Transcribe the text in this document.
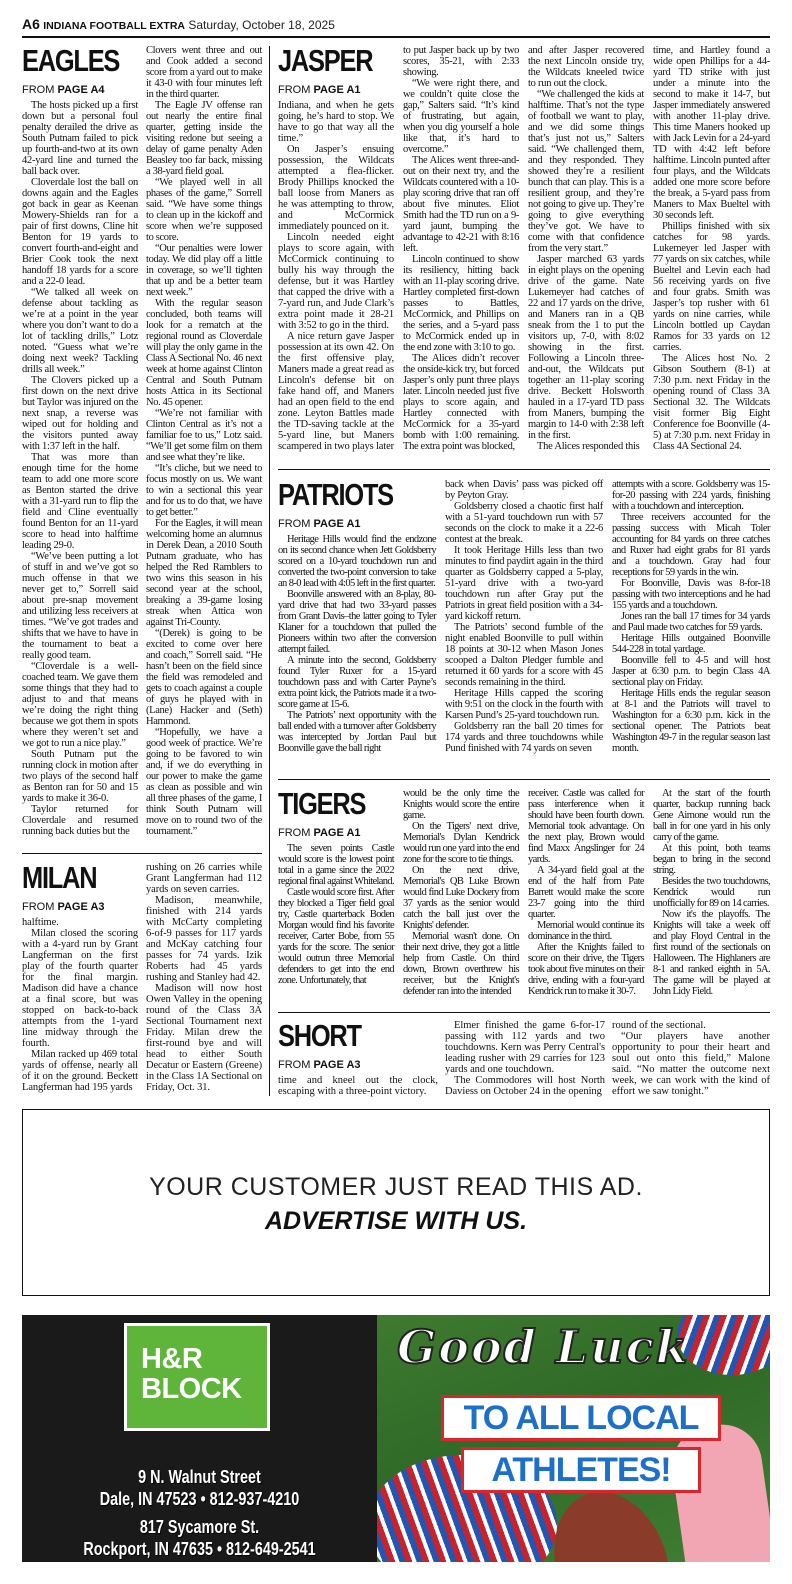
A6 INDIANA FOOTBALL EXTRA Saturday, October 18, 2025
EAGLES
FROM PAGE A4

The hosts picked up a first down but a personal foul penalty derailed the drive as South Putnam failed to pick up fourth-and-two at its own 42-yard line and turned the ball back over.

Cloverdale lost the ball on downs again and the Eagles got back in gear as Keenan Mowery-Shields ran for a pair of first downs, Cline hit Benton for 19 yards to convert fourth-and-eight and Brier Cook took the next handoff 18 yards for a score and a 22-0 lead.

“We talked all week on defense about tackling as we’re at a point in the year where you don’t want to do a lot of tackling drills,” Lotz noted. “Guess what we’re doing next week? Tackling drills all week.”

The Clovers picked up a first down on the next drive but Taylor was injured on the next snap, a reverse was wiped out for holding and the visitors punted away with 1:37 left in the half.

That was more than enough time for the home team to add one more score as Benton started the drive with a 31-yard run to flip the field and Cline eventually found Benton for an 11-yard score to head into halftime leading 29-0.

“We’ve been putting a lot of stuff in and we’ve got so much offense in that we never get to,” Sorrell said about pre-snap movement and utilizing less receivers at times. “We’ve got trades and shifts that we have to have in the tournament to beat a really good team.

“Cloverdale is a well-coached team. We gave them some things that they had to adjust to and that means we’re doing the right thing because we got them in spots where they weren’t set and we got to run a nice play.”

South Putnam put the running clock in motion after two plays of the second half as Benton ran for 50 and 15 yards to make it 36-0.

Taylor returned for Cloverdale and resumed running back duties but the

Clovers went three and out and Cook added a second score from a yard out to make it 43-0 with four minutes left in the third quarter.

The Eagle JV offense ran out nearly the entire final quarter, getting inside the visiting redone but seeing a delay of game penalty Aden Beasley too far back, missing a 38-yard field goal.

“We played well in all phases of the game,” Sorrell said. “We have some things to clean up in the kickoff and score when we’re supposed to score.

“Our penalties were lower today. We did play off a little in coverage, so we’ll tighten that up and be a better team next week.”

With the regular season concluded, both teams will look for a rematch at the regional round as Cloverdale will play the only game in the Class A Sectional No. 46 next week at home against Clinton Central and South Putnam hosts Attica in its Sectional No. 45 opener.

“We’re not familiar with Clinton Central as it’s not a familiar foe to us,” Lotz said. “We’ll get some film on them and see what they’re like.

“It’s cliche, but we need to focus mostly on us. We want to win a sectional this year and for us to do that, we have to get better.”

For the Eagles, it will mean welcoming home an alumnus in Derek Dean, a 2010 South Putnam graduate, who has helped the Red Ramblers to two wins this season in his second year at the school, breaking a 39-game losing streak when Attica won against Tri-County.

“(Derek) is going to be excited to come over here and coach,” Sorrell said. “He hasn’t been on the field since the field was remodeled and gets to coach against a couple of guys he played with in (Lane) Hacker and (Seth) Hammond.

“Hopefully, we have a good week of practice. We’re going to be favored to win and, if we do everything in our power to make the game as clean as possible and win all three phases of the game, I think South Putnam will move on to round two of the tournament.”

JASPER
FROM PAGE A1

Indiana, and when he gets going, he’s hard to stop. We have to go that way all the time.”

On Jasper’s ensuing possession, the Wildcats attempted a flea-flicker. Brody Phillips knocked the ball loose from Maners as he was attempting to throw, and McCormick immediately pounced on it.

Lincoln needed eight plays to score again, with McCormick continuing to bully his way through the defense, but it was Hartley that capped the drive with a 7-yard run, and Jude Clark’s extra point made it 28-21 with 3:52 to go in the third.

A nice return gave Jasper possession at its own 42. On the first offensive play, Maners made a great read as Lincoln's defense bit on fake hand off, and Maners had an open field to the end zone. Leyton Battles made the TD-saving tackle at the 5-yard line, but Maners scampered in two plays later

to put Jasper back up by two scores, 35-21, with 2:33 showing.

“We were right there, and we couldn’t quite close the gap,” Salters said. “It’s kind of frustrating, but again, when you dig yourself a hole like that, it’s hard to overcome.”

The Alices went three-and-out on their next try, and the Wildcats countered with a 10-play scoring drive that ran off about five minutes. Eliot Smith had the TD run on a 9-yard jaunt, bumping the advantage to 42-21 with 8:16 left.

Lincoln continued to show its resiliency, hitting back with an 11-play scoring drive. Hartley completed first-down passes to Battles, McCormick, and Phillips on the series, and a 5-yard pass to McCormick ended up in the end zone with 3:10 to go.

The Alices didn’t recover the onside-kick try, but forced Jasper’s only punt three plays later. Lincoln needed just five plays to score again, and Hartley connected with McCormick for a 35-yard bomb with 1:00 remaining. The extra point was blocked,

and after Jasper recovered the next Lincoln onside try, the Wildcats kneeled twice to run out the clock.

“We challenged the kids at halftime. That’s not the type of football we want to play, and we did some things that’s just not us,” Salters said. “We challenged them, and they responded. They showed they’re a resilient bunch that can play. This is a resilient group, and they’re not going to give up. They’re going to give everything they’ve got. We have to come with that confidence from the very start.”

Jasper marched 63 yards in eight plays on the opening drive of the game. Nate Lukemeyer had catches of 22 and 17 yards on the drive, and Maners ran in a QB sneak from the 1 to put the visitors up, 7-0, with 8:02 showing in the first. Following a Lincoln three-and-out, the Wildcats put together an 11-play scoring drive. Beckett Holsworth hauled in a 17-yard TD pass from Maners, bumping the margin to 14-0 with 2:38 left in the first.

The Alices responded this

time, and Hartley found a wide open Phillips for a 44-yard TD strike with just under a minute into the second to make it 14-7, but Jasper immediately answered with another 11-play drive. This time Maners hooked up with Jack Levin for a 24-yard TD with 4:42 left before halftime. Lincoln punted after four plays, and the Wildcats added one more score before the break, a 5-yard pass from Maners to Max Bueltel with 30 seconds left.

Phillips finished with six catches for 98 yards. Lukemeyer led Jasper with 77 yards on six catches, while Bueltel and Levin each had 56 receiving yards on five and four grabs. Smith was Jasper’s top rusher with 61 yards on nine carries, while Lincoln bottled up Caydan Ramos for 33 yards on 12 carries.

The Alices host No. 2 Gibson Southern (8-1) at 7:30 p.m. next Friday in the opening round of Class 3A Sectional 32. The Wildcats visit former Big Eight Conference foe Boonville (4-5) at 7:30 p.m. next Friday in Class 4A Sectional 24.

PATRIOTS
FROM PAGE A1

Heritage Hills would find the endzone on its second chance when Jett Goldsberry scored on a 10-yard touchdown run and converted the two-point conversion to take an 8-0 lead with 4:05 left in the first quarter.

Boonville answered with an 8-play, 80-yard drive that had two 33-yard passes from Grant Davis–the latter going to Tyler Klaner for a touchdown that pulled the Pioneers within two after the conversion attempt failed.

A minute into the second, Goldsberry found Tyler Ruxer for a 15-yard touchdown pass and with Carter Payne’s extra point kick, the Patriots made it a two-score game at 15-6.

The Patriots’ next opportunity with the ball ended with a turnover after Goldsberry was intercepted by Jordan Paul but Boonville gave the ball right

back when Davis’ pass was picked off by Peyton Gray.

Goldsberry closed a chaotic first half with a 51-yard touchdown run with 57 seconds on the clock to make it a 22-6 contest at the break.

It took Heritage Hills less than two minutes to find paydirt again in the third quarter as Goldsberry capped a 5-play, 51-yard drive with a two-yard touchdown run after Gray put the Patriots in great field position with a 34-yard kickoff return.

The Patriots’ second fumble of the night enabled Boonville to pull within 18 points at 30-12 when Mason Jones scooped a Dalton Pledger fumble and returned it 60 yards for a score with 45 seconds remaining in the third.

Heritage Hills capped the scoring with 9:51 on the clock in the fourth with Karsen Pund’s 25-yard touchdown run.

Goldsberry ran the ball 20 times for 174 yards and three touchdowns while Pund finished with 74 yards on seven

attempts with a score. Goldsberry was 15-for-20 passing with 224 yards, finishing with a touchdown and interception.

Three receivers accounted for the passing success with Micah Toler accounting for 84 yards on three catches and Ruxer had eight grabs for 81 yards and a touchdown. Gray had four receptions for 59 yards in the win.

For Boonville, Davis was 8-for-18 passing with two interceptions and he had 155 yards and a touchdown.

Jones ran the ball 17 times for 34 yards and Paul made two catches for 59 yards.

Heritage Hills outgained Boonville 544-228 in total yardage.

Boonville fell to 4-5 and will host Jasper at 6:30 p.m. to begin Class 4A sectional play on Friday.

Heritage Hills ends the regular season at 8-1 and the Patriots will travel to Washington for a 6:30 p.m. kick in the sectional opener. The Patriots beat Washington 49-7 in the regular season last month.

TIGERS
FROM PAGE A1

The seven points Castle would score is the lowest point total in a game since the 2022 regional final against Whiteland.

Castle would score first. After they blocked a Tiger field goal try, Castle quarterback Boden Morgan would find his favorite receiver, Carter Bobe, from 55 yards for the score. The senior would outrun three Memorial defenders to get into the end zone. Unfortunately, that

would be the only time the Knights would score the entire game.

On the Tigers' next drive, Memorial's Dylan Kendrick would run one yard into the end zone for the score to tie things.

On the next drive, Memorial's QB Luke Brown would find Luke Dockery from 37 yards as the senior would catch the ball just over the Knights' defender.

Memorial wasn't done. On their next drive, they got a little help from Castle. On third down, Brown overthrew his receiver, but the Knight's defender ran into the intended

receiver. Castle was called for pass interference when it should have been fourth down. Memorial took advantage. On the next play, Brown would find Maxx Angslinger for 24 yards.

A 34-yard field goal at the end of the half from Pate Barrett would make the score 23-7 going into the third quarter.

Memorial would continue its dominance in the third.

After the Knights failed to score on their drive, the Tigers took about five minutes on their drive, ending with a four-yard Kendrick run to make it 30-7.

At the start of the fourth quarter, backup running back Gene Aimone would run the ball in for one yard in his only carry of the game.

At this point, both teams began to bring in the second string.

Besides the two touchdowns, Kendrick would run unofficially for 89 on 14 carries.

Now it's the playoffs. The Knights will take a week off and play Floyd Central in the first round of the sectionals on Halloween. The Highlaners are 8-1 and ranked eighth in 5A. The game will be played at John Lidy Field.

SHORT
FROM PAGE A3

time and kneel out the clock, escaping with a three-point victory.

Elmer finished the game 6-for-17 passing with 112 yards and two touchdowns. Kern was Perry Central's leading rusher with 29 carries for 123 yards and one touchdown.

The Commodores will host North Daviess on October 24 in the opening

round of the sectional.

“Our players have another opportunity to pour their heart and soul out onto this field,” Malone said. “No matter the outcome next week, we can work with the kind of effort we saw tonight.”

MILAN
FROM PAGE A3

halftime.

Milan closed the scoring with a 4-yard run by Grant Langferman on the first play of the fourth quarter for the final margin. Madison did have a chance at a final score, but was stopped on back-to-back attempts from the 1-yard line midway through the fourth.

Milan racked up 469 total yards of offense, nearly all of it on the ground. Beckett Langferman had 195 yards

rushing on 26 carries while Grant Langferman had 112 yards on seven carries.

Madison, meanwhile, finished with 214 yards with McCarty completing 6-of-9 passes for 117 yards and McKay catching four passes for 74 yards. Izik Roberts had 45 yards rushing and Stanley had 42.

Madison will now host Owen Valley in the opening round of the Class 3A Sectional Tournament next Friday. Milan drew the first-round bye and will head to either South Decatur or Eastern (Greene) in the Class 1A Sectional on Friday, Oct. 31.

YOUR CUSTOMER JUST READ THIS AD.
ADVERTISE WITH US.
H&R
BLOCK
9 N. Walnut Street
Dale, IN 47523 • 812-937-4210
817 Sycamore St.
Rockport, IN 47635 • 812-649-2541
Good Luck
TO ALL LOCAL
ATHLETES!
